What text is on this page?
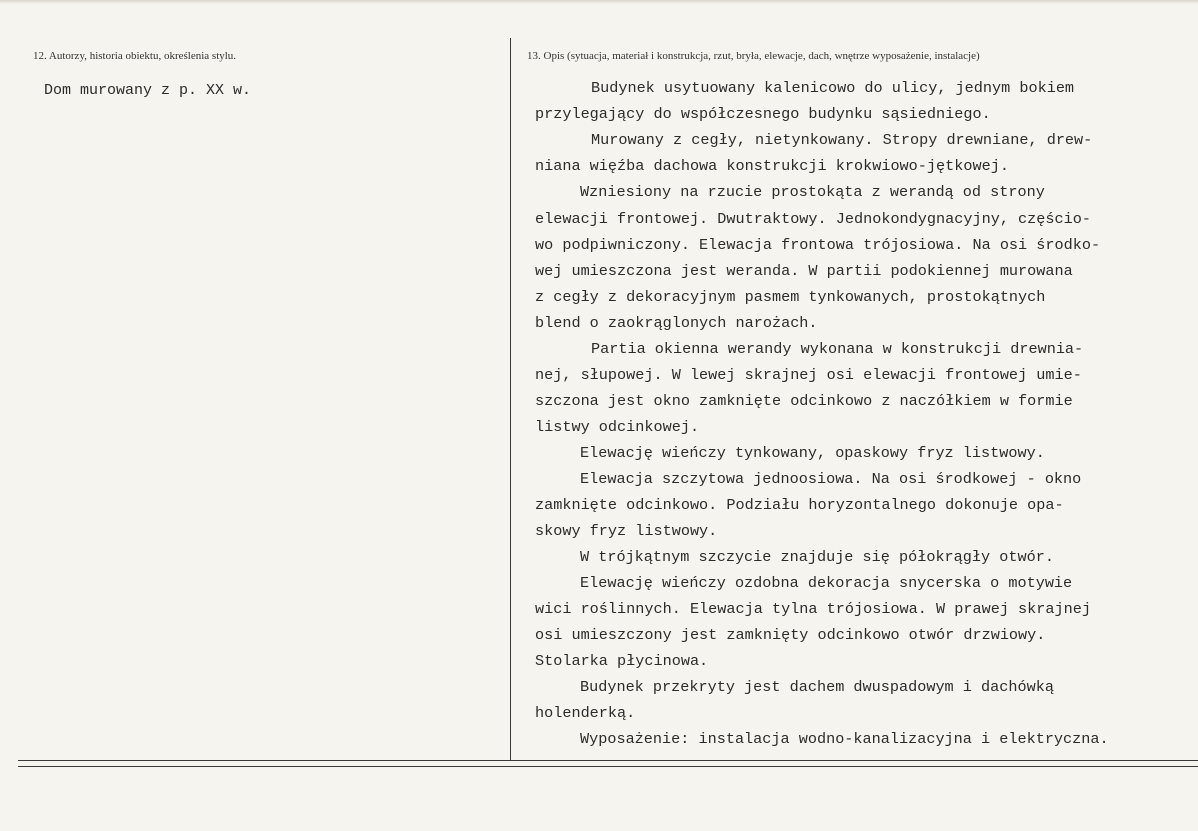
12. Autorzy, historia obiektu, określenia stylu.
Dom murowany z p. XX w.
13. Opis (sytuacja, materiał i konstrukcja, rzut, bryła, elewacje, dach, wnętrze wyposażenie, instalacje)
Budynek usytuowany kalenicowo do ulicy, jednym bokiem
przylegający do współczesnego budynku sąsiedniego.
Murowany z cegły, nietynkowany. Stropy drewniane, drew-
niana więźba dachowa konstrukcji krokwiowo-jętkowej.
Wzniesiony na rzucie prostokąta z werandą od strony
elewacji frontowej. Dwutraktowy. Jednokondygnacyjny, częścio-
wo podpiwniczony. Elewacja frontowa trójosiowa. Na osi środko-
wej umieszczona jest weranda. W partii podokiennej murowana
z cegły z dekoracyjnym pasmem tynkowanych, prostokątnych
blend o zaokrąglonych narożach.
Partia okienna werandy wykonana w konstrukcji drewnia-
nej, słupowej. W lewej skrajnej osi elewacji frontowej umie-
szczona jest okno zamknięte odcinkowo z naczółkiem w formie
listwy odcinkowej.
Elewację wieńczy tynkowany, opaskowy fryz listwowy.
Elewacja szczytowa jednoosiowa. Na osi środkowej - okno
zamknięte odcinkowo. Podziału horyzontalnego dokonuje opa-
skowy fryz listwowy.
W trójkątnym szczycie znajduje się półokrągły otwór.
Elewację wieńczy ozdobna dekoracja snycerska o motywie
wici roślinnych. Elewacja tylna trójosiowa. W prawej skrajnej
osi umieszczony jest zamknięty odcinkowo otwór drzwiowy.
Stolarka płycinowa.
Budynek przekryty jest dachem dwuspadowym i dachówką
holenderką.
Wyposażenie: instalacja wodno-kanalizacyjna i elektryczna.
